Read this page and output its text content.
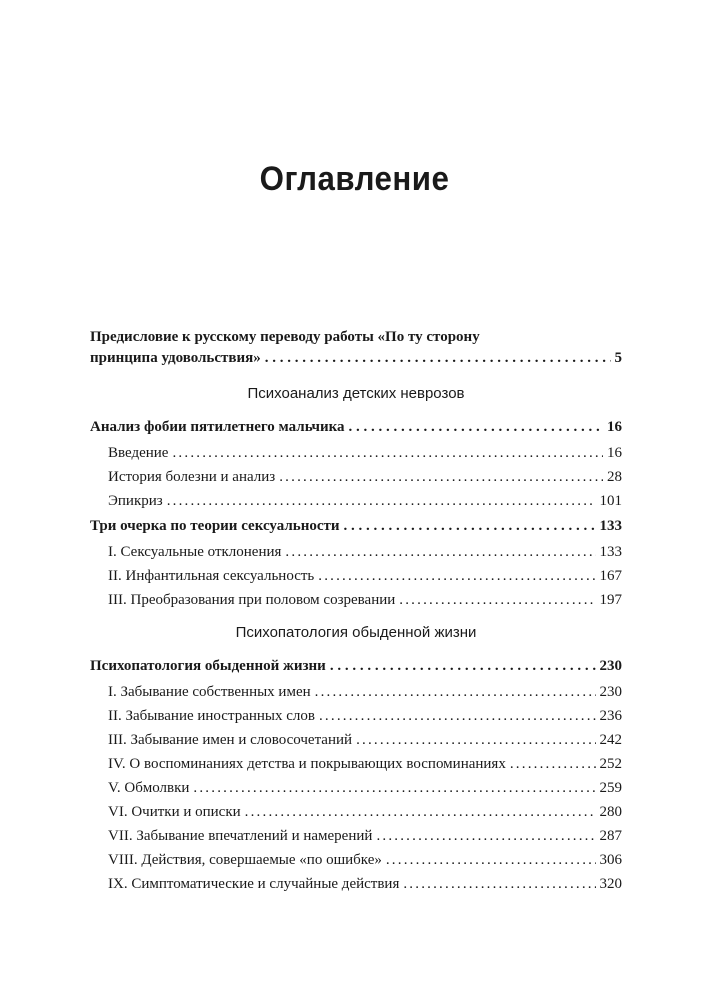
Оглавление
Предисловие к русскому переводу работы «По ту сторону
принципа удовольствия» . . .	5
Психоанализ детских неврозов
Анализ фобии пятилетнего мальчика . . .	16
Введение .....	16
История болезни и анализ .....	28
Эпикриз .....	101
Три очерка по теории сексуальности . . .	133
I. Сексуальные отклонения .....	133
II. Инфантильная сексуальность .....	167
III. Преобразования при половом созревании .....	197
Психопатология обыденной жизни
Психопатология обыденной жизни . . .	230
I. Забывание собственных имен .....	230
II. Забывание иностранных слов .....	236
III. Забывание имен и словосочетаний .....	242
IV. О воспоминаниях детства и покрывающих воспоминаниях .....	252
V. Обмолвки .....	259
VI. Очитки и описки .....	280
VII. Забывание впечатлений и намерений .....	287
VIII. Действия, совершаемые «по ошибке» .....	306
IX. Симптоматические и случайные действия .....	320
